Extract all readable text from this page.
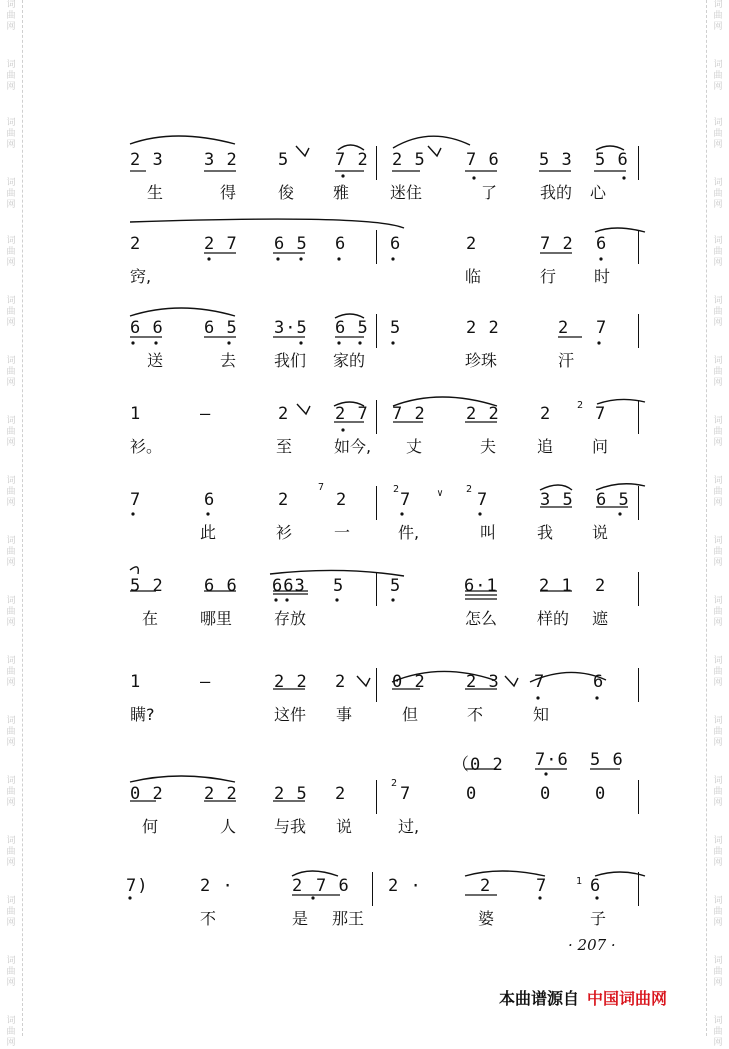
词
曲
网
词
曲
网
词
曲
网
词
曲
网
词
曲
网
词
曲
网
词
曲
网
词
曲
网
词
曲
网
词
曲
网
词
曲
网
词
曲
网
词
曲
网
词
曲
网
词
曲
网
词
曲
网
词
曲
网
词
曲
网
词
曲
网
词
曲
网
词
曲
网
词
曲
网
词
曲
网
词
曲
网
词
曲
网
词
曲
网
词
曲
网
词
曲
网
词
曲
网
词
曲
网
词
曲
网
词
曲
网
词
曲
网
词
曲
网
词
曲
网
词
曲
网
2
7	2	2
2
1
∨
2 3 3 2 5	7 2 2 5 7 6 5 3 5 6
生	得	俊 雅	迷住	了	我的 心
2	2 7 6 5 6	6	2	7 2 6
窍,	临	行 时
6 6 6 5 3·5 6 5 5	2 2	2 7
送	去 我们 家的	珍珠	汗
1	—	2	2 7 7 2 2 2 2	7
衫。	至	如今, 丈	夫	追 问
7	6	2	2	7	7	3 5 6 5
此	衫	一	件,	叫	我 说
5 2 6 6 663 5	5	6·1 2 1 2
在	哪里	存放	怎么 样的 遮
1	—	2 2 2	0 2 2 3 7	6
瞒?	这件 事	但	不	知
（0 2 7·6 5 6
0 2 2 2 2 5 2	7	0	0	0
何	人 与我 说	过,
7)	2 ·	2 7 6 2 ·	2	7	6
不	是 那王	婆	子
· 207 ·
本曲谱源自 中国词曲网
